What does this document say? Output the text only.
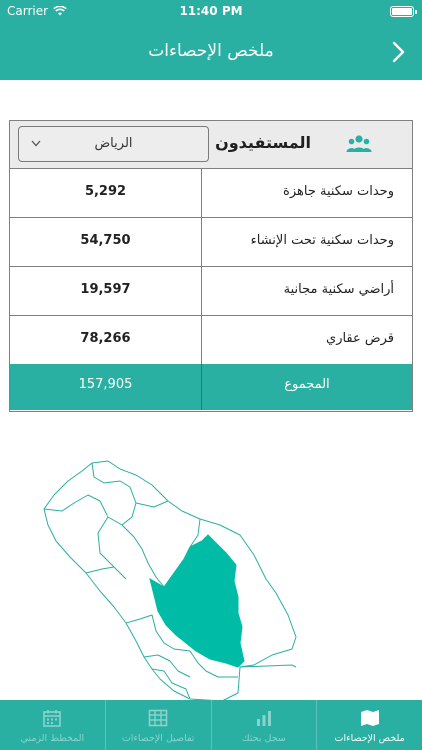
Carrier	11:40 PM
ملخص الإحصاءات
المستفيدون
الرياض
وحدات سكنية جاهزة
5,292
وحدات سكنية تحت الإنشاء
54,750
أراضي سكنية مجانية
19,597
قرض عقاري
78,266
المجموع
157,905
ملخص الإحصاءات
سجل بحثك
تفاصيل الإحصاءات
المخطط الزمني
